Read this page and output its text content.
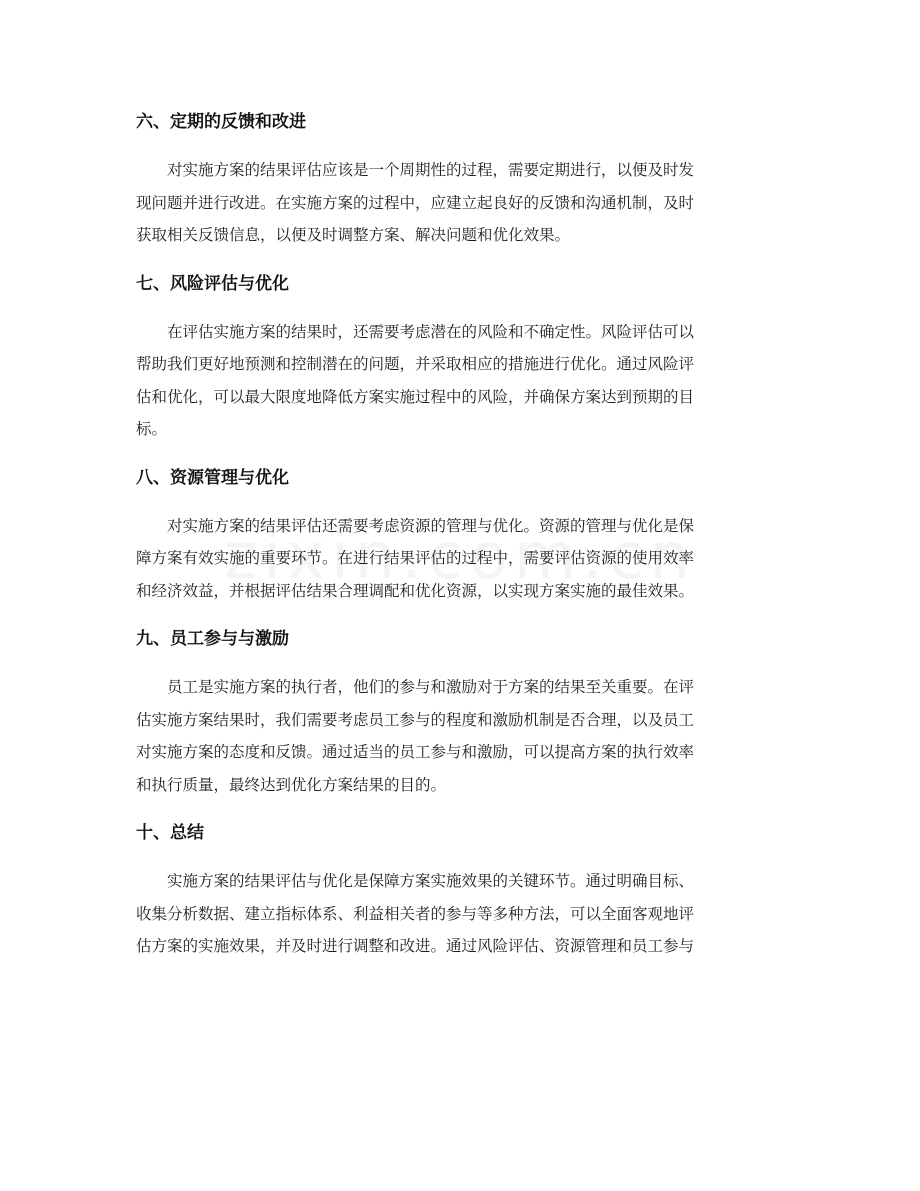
六、定期的反馈和改进

对实施方案的结果评估应该是一个周期性的过程，需要定期进行，以便及时发
现问题并进行改进。在实施方案的过程中，应建立起良好的反馈和沟通机制，及时
获取相关反馈信息，以便及时调整方案、解决问题和优化效果。

七、风险评估与优化

在评估实施方案的结果时，还需要考虑潜在的风险和不确定性。风险评估可以
帮助我们更好地预测和控制潜在的问题，并采取相应的措施进行优化。通过风险评
估和优化，可以最大限度地降低方案实施过程中的风险，并确保方案达到预期的目
标。

八、资源管理与优化

对实施方案的结果评估还需要考虑资源的管理与优化。资源的管理与优化是保
障方案有效实施的重要环节。在进行结果评估的过程中，需要评估资源的使用效率
和经济效益，并根据评估结果合理调配和优化资源，以实现方案实施的最佳效果。

九、员工参与与激励

员工是实施方案的执行者，他们的参与和激励对于方案的结果至关重要。在评
估实施方案结果时，我们需要考虑员工参与的程度和激励机制是否合理，以及员工
对实施方案的态度和反馈。通过适当的员工参与和激励，可以提高方案的执行效率
和执行质量，最终达到优化方案结果的目的。

十、总结

实施方案的结果评估与优化是保障方案实施效果的关键环节。通过明确目标、
收集分析数据、建立指标体系、利益相关者的参与等多种方法，可以全面客观地评
估方案的实施效果，并及时进行调整和改进。通过风险评估、资源管理和员工参与
